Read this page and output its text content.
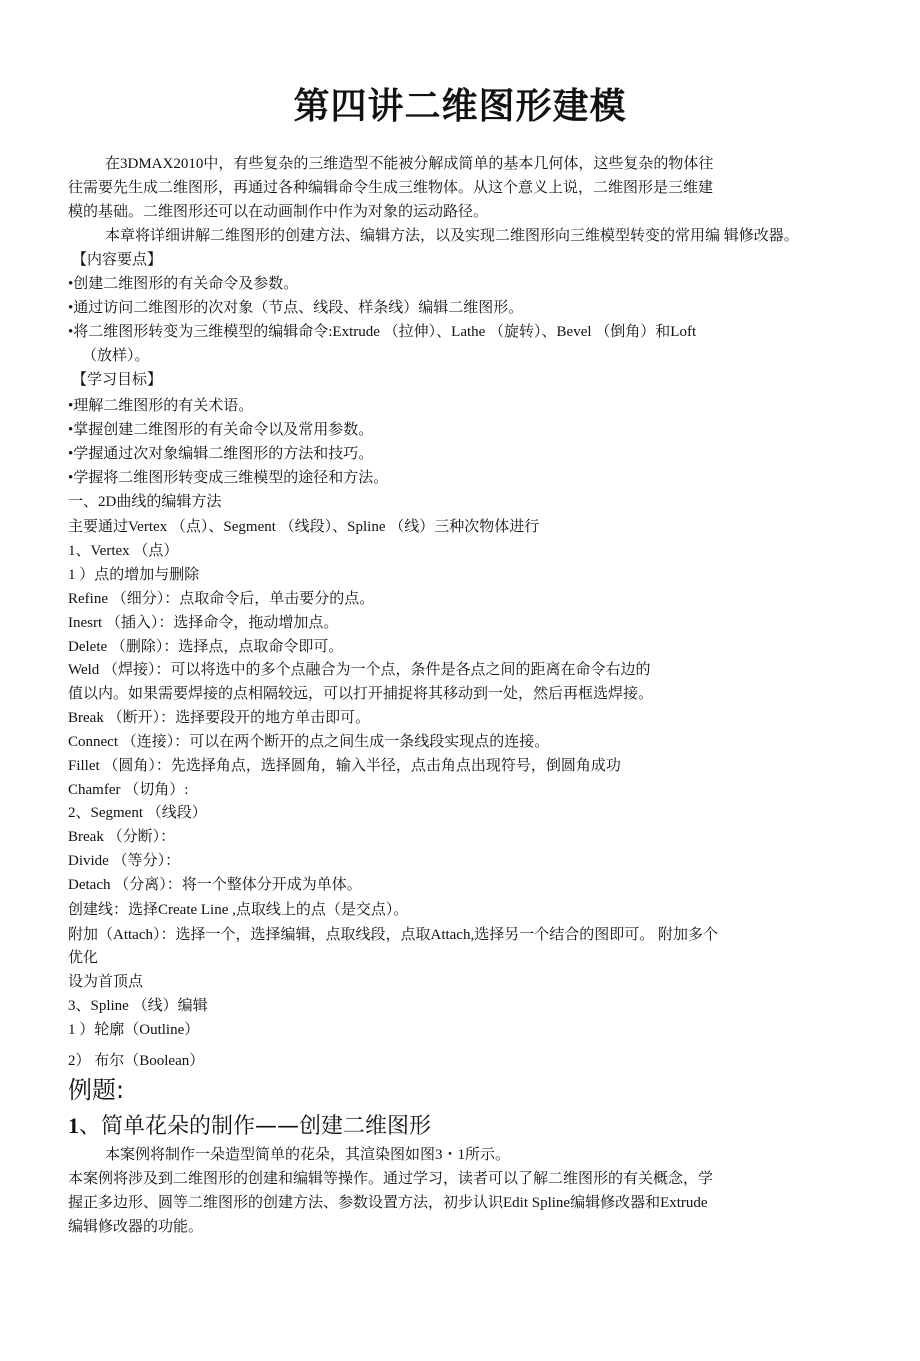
第四讲二维图形建模
在3DMAX2010中，有些复杂的三维造型不能被分解成简单的基本几何体，这些复杂的物体往
往需要先生成二维图形，再通过各种编辑命令生成三维物体。从这个意义上说，二维图形是三维建
模的基础。二维图形还可以在动画制作中作为对象的运动路径。
本章将详细讲解二维图形的创建方法、编辑方法，以及实现二维图形向三维模型转变的常用编 辑修改器。
【内容要点】
•创建二维图形的有关命令及参数。
•通过访问二维图形的次对象（节点、线段、样条线）编辑二维图形。
•将二维图形转变为三维模型的编辑命令:Extrude （拉伸）、Lathe （旋转）、Bevel （倒角）和Loft
（放样）。
【学习目标】
•理解二维图形的有关术语。
•掌握创建二维图形的有关命令以及常用参数。
•学握通过次对象编辑二维图形的方法和技巧。
•学握将二维图形转变成三维模型的途径和方法。
一、2D曲线的编辑方法
主要通过Vertex （点）、Segment （线段）、Spline （线）三种次物体进行
1、Vertex （点）
1 ）点的增加与删除
Refine （细分）：点取命令后，单击要分的点。
Inesrt （插入）：选择命令，拖动增加点。
Delete （删除）：选择点，点取命令即可。
Weld （焊接）：可以将选中的多个点融合为一个点，条件是各点之间的距离在命令右边的
值以内。如果需要焊接的点相隔较远，可以打开捕捉将其移动到一处，然后再框选焊接。
Break （断开）：选择要段开的地方单击即可。
Connect （连接）：可以在两个断开的点之间生成一条线段实现点的连接。
Fillet （圆角）：先选择角点，选择圆角，输入半径，点击角点出现符号，倒圆角成功
Chamfer （切角）:
2、Segment （线段）
Break （分断）：
Divide （等分）：
Detach （分离）：将一个整体分开成为单体。
创建线：选择Create Line ,点取线上的点（是交点）。
附加（Attach）：选择一个，选择编辑，点取线段，点取Attach,选择另一个结合的图即可。 附加多个
优化
设为首顶点
3、Spline （线）编辑
1 ）轮廓（Outline）
2） 布尔（Boolean）
例题:
1、简单花朵的制作——创建二维图形
本案例将制作一朵造型简单的花朵，其渲染图如图3・1所示。
本案例将涉及到二维图形的创建和编辑等操作。通过学习，读者可以了解二维图形的有关概念，学
握正多边形、圆等二维图形的创建方法、参数设置方法，初步认识Edit Spline编辑修改器和Extrude
编辑修改器的功能。
